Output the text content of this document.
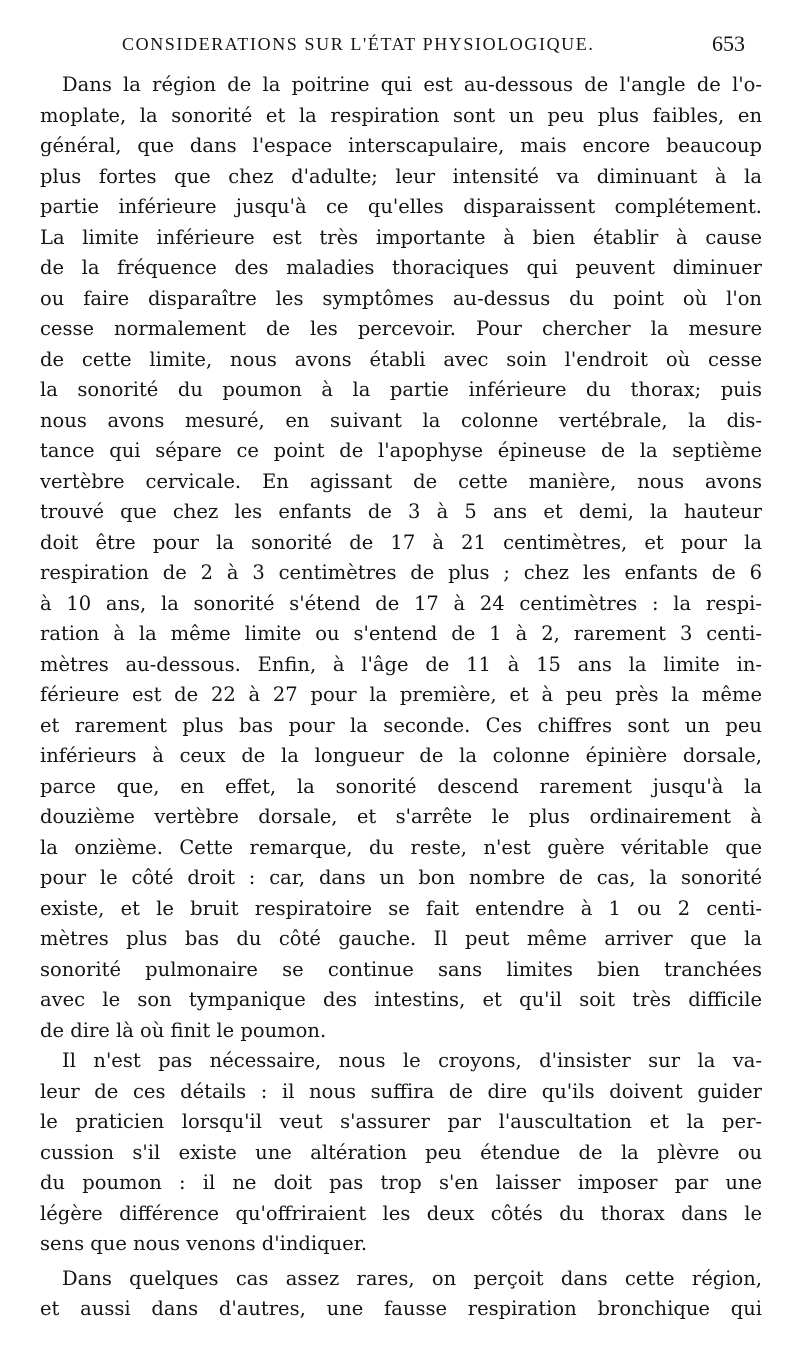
CONSIDERATIONS SUR L'ÉTAT PHYSIOLOGIQUE.	653
Dans la région de la poitrine qui est au-dessous de l'angle de l'o-
moplate, la sonorité et la respiration sont un peu plus faibles, en
général, que dans l'espace interscapulaire, mais encore beaucoup
plus fortes que chez d'adulte; leur intensité va diminuant à la
partie inférieure jusqu'à ce qu'elles disparaissent complétement.
La limite inférieure est très importante à bien établir à cause
de la fréquence des maladies thoraciques qui peuvent diminuer
ou faire disparaître les symptômes au-dessus du point où l'on
cesse normalement de les percevoir. Pour chercher la mesure
de cette limite, nous avons établi avec soin l'endroit où cesse
la sonorité du poumon à la partie inférieure du thorax; puis
nous avons mesuré, en suivant la colonne vertébrale, la dis-
tance qui sépare ce point de l'apophyse épineuse de la septième
vertèbre cervicale. En agissant de cette manière, nous avons
trouvé que chez les enfants de 3 à 5 ans et demi, la hauteur
doit être pour la sonorité de 17 à 21 centimètres, et pour la
respiration de 2 à 3 centimètres de plus ; chez les enfants de 6
à 10 ans, la sonorité s'étend de 17 à 24 centimètres : la respi-
ration à la même limite ou s'entend de 1 à 2, rarement 3 centi-
mètres au-dessous. Enfin, à l'âge de 11 à 15 ans la limite in-
férieure est de 22 à 27 pour la première, et à peu près la même
et rarement plus bas pour la seconde. Ces chiffres sont un peu
inférieurs à ceux de la longueur de la colonne épinière dorsale,
parce que, en effet, la sonorité descend rarement jusqu'à la
douzième vertèbre dorsale, et s'arrête le plus ordinairement à
la onzième. Cette remarque, du reste, n'est guère véritable que
pour le côté droit : car, dans un bon nombre de cas, la sonorité
existe, et le bruit respiratoire se fait entendre à 1 ou 2 centi-
mètres plus bas du côté gauche. Il peut même arriver que la
sonorité pulmonaire se continue sans limites bien tranchées
avec le son tympanique des intestins, et qu'il soit très difficile
de dire là où finit le poumon.
Il n'est pas nécessaire, nous le croyons, d'insister sur la va-
leur de ces détails : il nous suffira de dire qu'ils doivent guider
le praticien lorsqu'il veut s'assurer par l'auscultation et la per-
cussion s'il existe une altération peu étendue de la plèvre ou
du poumon : il ne doit pas trop s'en laisser imposer par une
légère différence qu'offriraient les deux côtés du thorax dans le
sens que nous venons d'indiquer.
Dans quelques cas assez rares, on perçoit dans cette région,
et aussi dans d'autres, une fausse respiration bronchique qui
